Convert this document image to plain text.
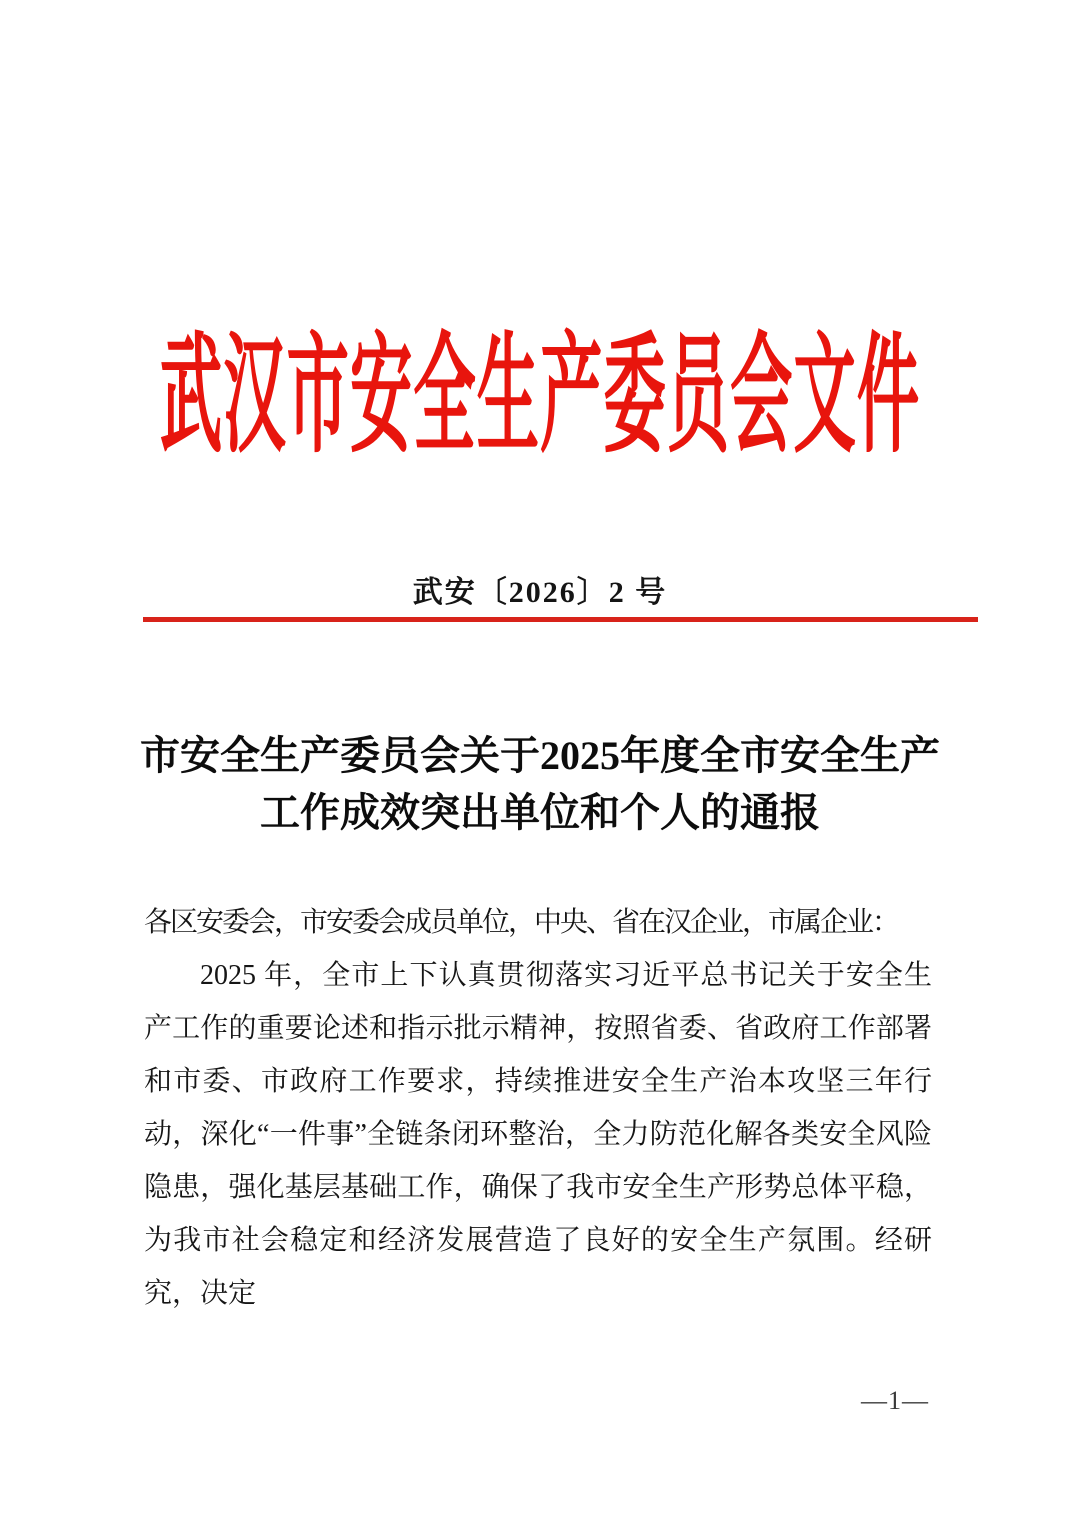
武汉市安全生产委员会文件
武安〔2026〕2 号
市安全生产委员会关于2025年度全市安全生产
工作成效突出单位和个人的通报

各区安委会，市安委会成员单位，中央、省在汉企业，市属企业：

2025 年，全市上下认真贯彻落实习近平总书记关于安全生产工作的重要论述和指示批示精神，按照省委、省政府工作部署和市委、市政府工作要求，持续推进安全生产治本攻坚三年行动，深化“一件事”全链条闭环整治，全力防范化解各类安全风险隐患，强化基层基础工作，确保了我市安全生产形势总体平稳，为我市社会稳定和经济发展营造了良好的安全生产氛围。经研究，决定

—1—
